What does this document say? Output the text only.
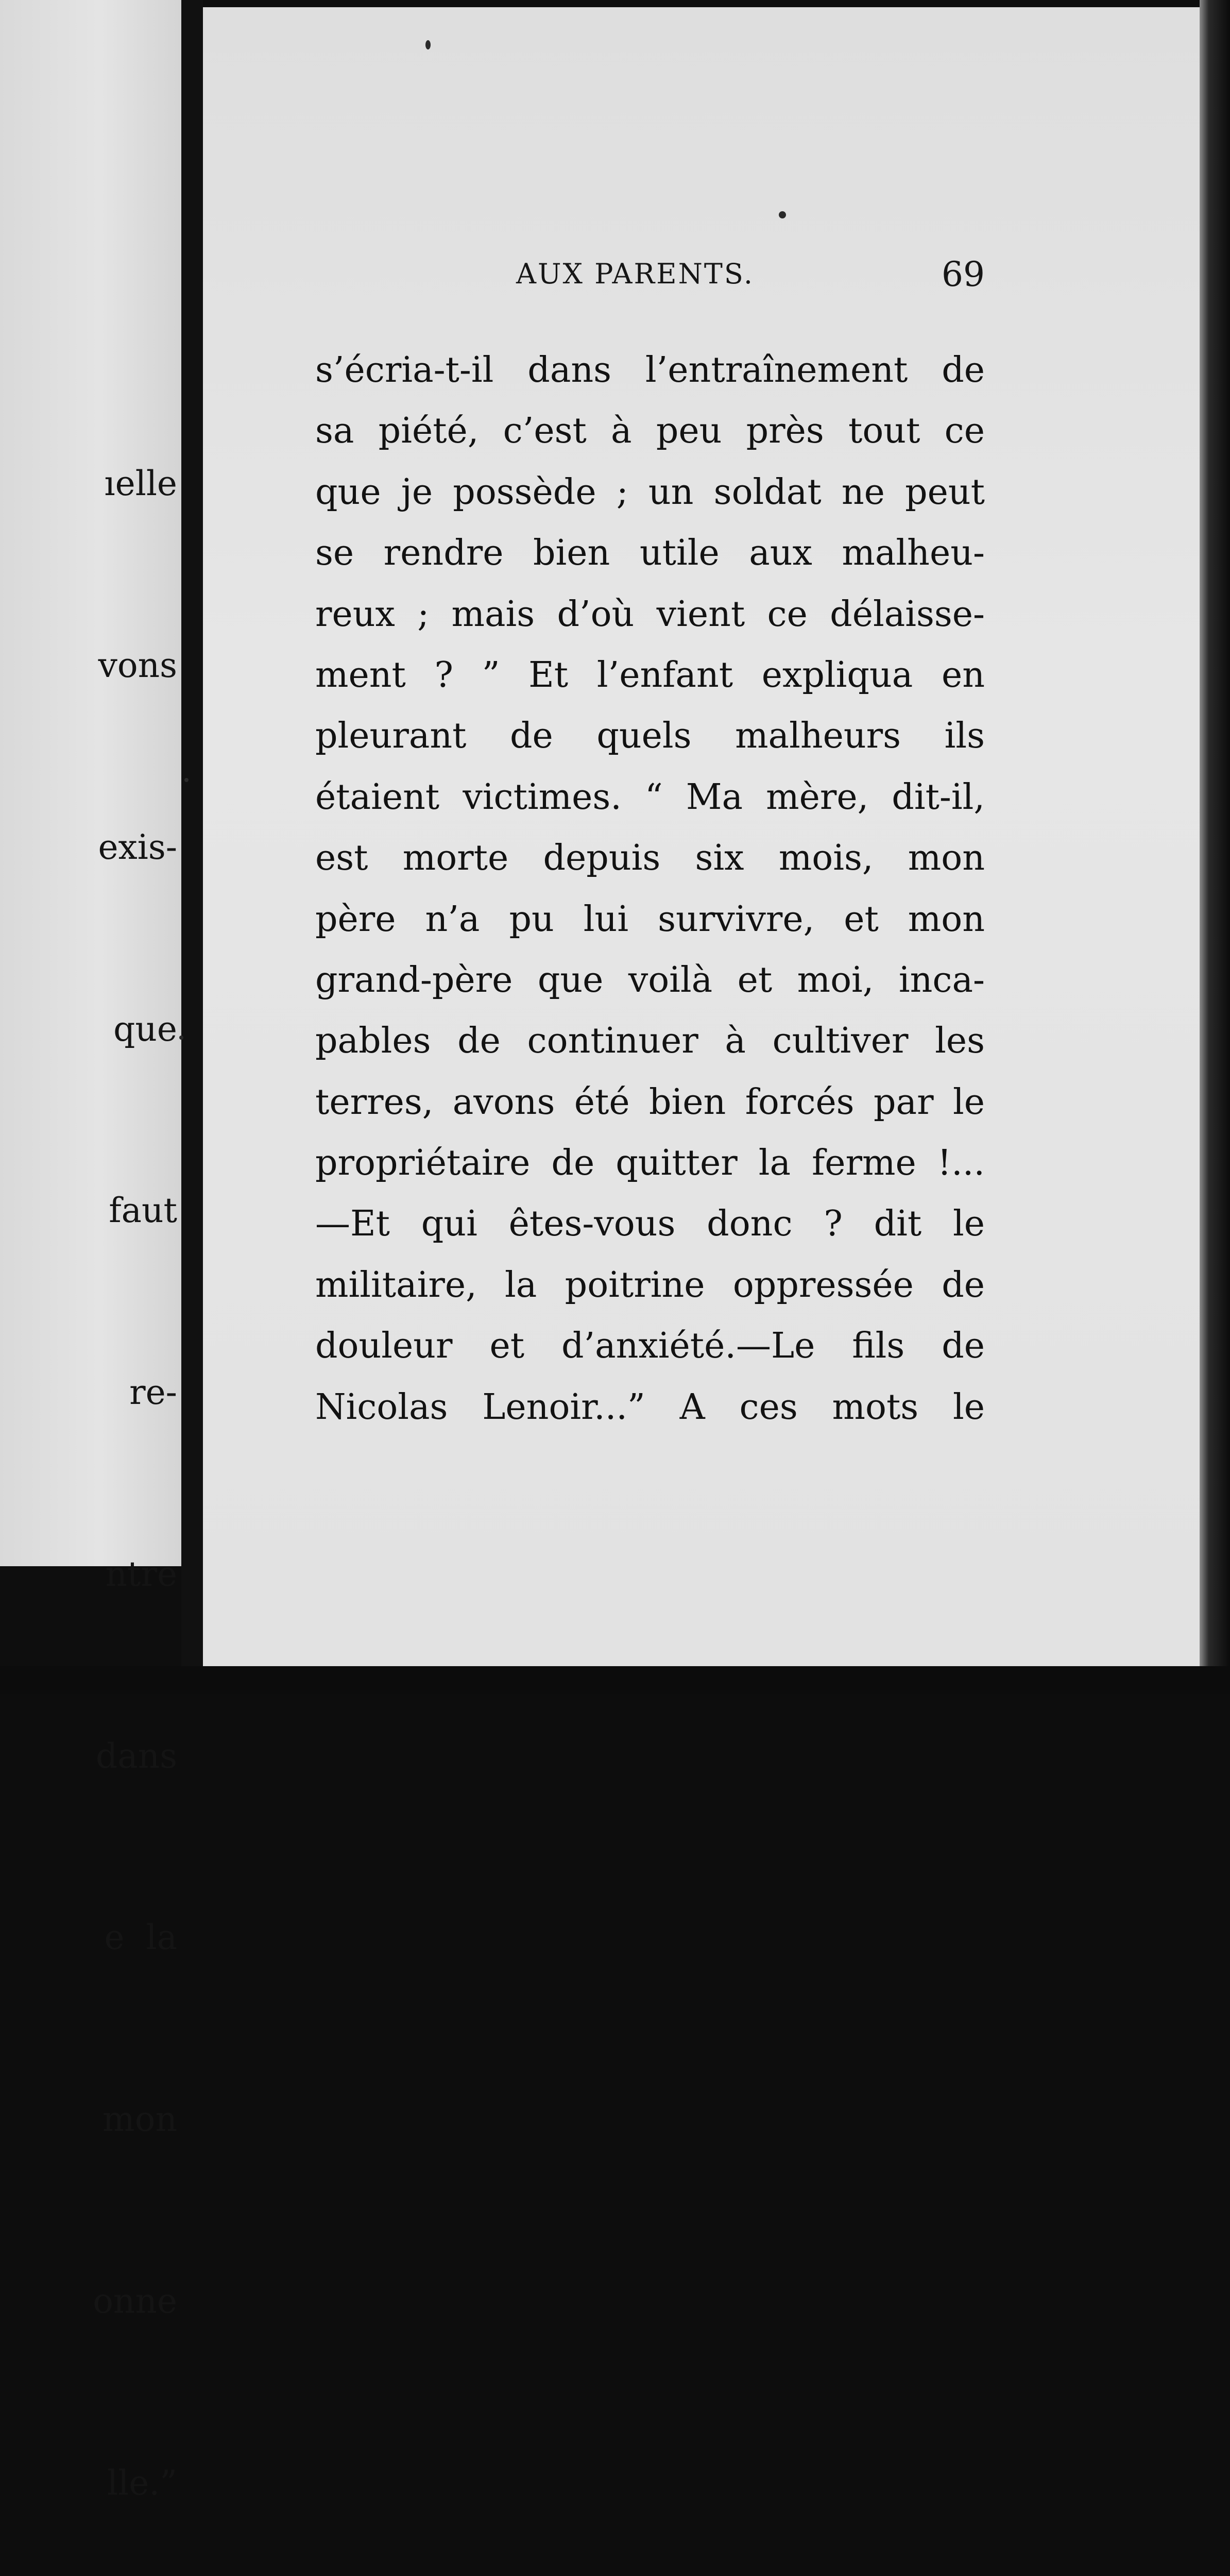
ıelle

vons

exis-

que

faut

re-

ntre

dans

e  la

mon

onne

lle.”

AUX PARENTS.	69
s’écria-t-il dans l’entraînement de
sa piété, c’est à peu près tout ce
que je possède ; un soldat ne peut
se rendre bien utile aux malheu-
reux ; mais d’où vient ce délaisse-
ment ? ” Et l’enfant expliqua en
pleurant de quels malheurs ils
étaient victimes. “ Ma mère, dit-il,
est morte depuis six mois, mon
père n’a pu lui survivre, et mon
grand-père que voilà et moi, inca-
pables de continuer à cultiver les
terres, avons été bien forcés par le
propriétaire de quitter la ferme !...
—Et qui êtes-vous donc ? dit le
militaire, la poitrine oppressée de
douleur et d’anxiété.—Le fils de
Nicolas Lenoir...” A ces mots le
